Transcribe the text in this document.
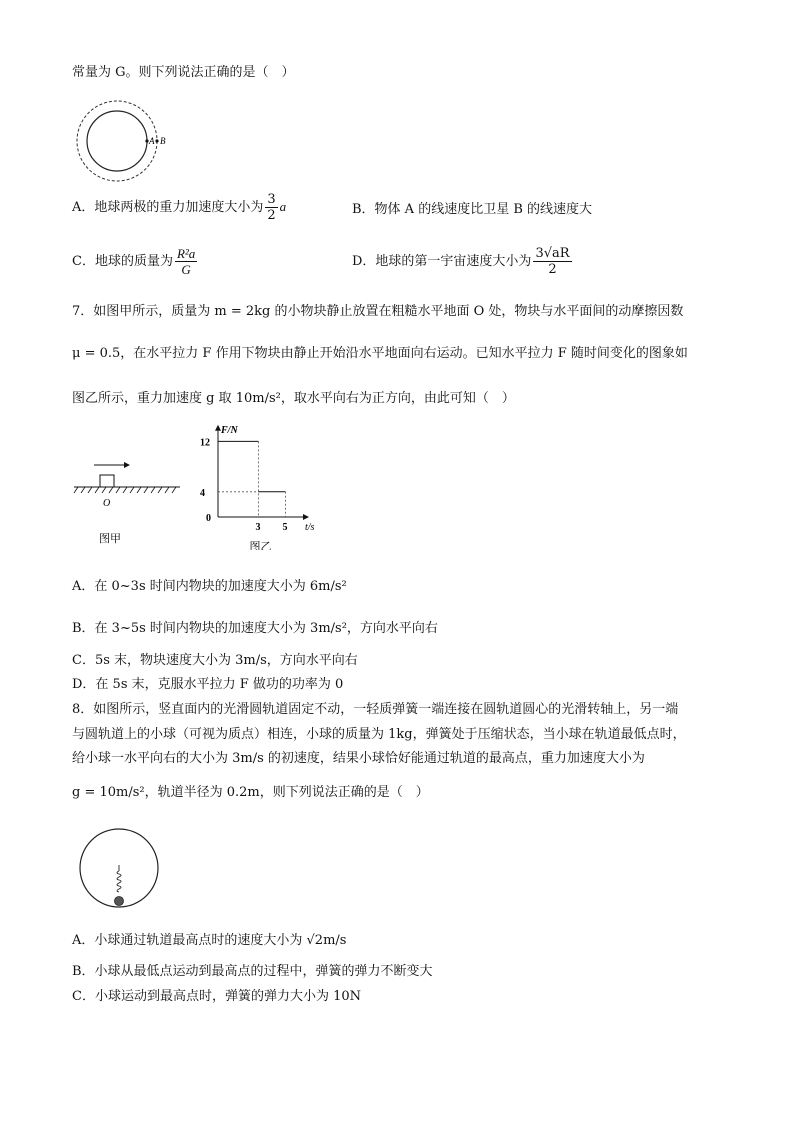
常量为 G。则下列说法正确的是（　）
A B
A．地球两极的重力加速度大小为 $\frac{3}{2}$ a	B．物体 A 的线速度比卫星 B 的线速度大
C．地球的质量为 $\frac{\text{R²a}}{G}$	D．地球的第一宇宙速度大小为 $\frac{3√aR}{2}$
7．如图甲所示，质量为 m = 2kg 的小物块静止放置在粗糙水平地面 O 处，物块与水平面间的动摩擦因数
μ = 0.5，在水平拉力 F 作用下物块由静止开始沿水平地面向右运动。已知水平拉力 F 随时间变化的图象如
图乙所示，重力加速度 g 取 10m/s²，取水平向右为正方向，由此可知（　）
O
图甲
F/N
t/s
0
12
4
3 5
图乙
A．在 0~3s 时间内物块的加速度大小为 6m/s²
B．在 3~5s 时间内物块的加速度大小为 3m/s²，方向水平向右
C．5s 末，物块速度大小为 3m/s，方向水平向右
D．在 5s 末，克服水平拉力 F 做功的功率为 0
8．如图所示，竖直面内的光滑圆轨道固定不动，一轻质弹簧一端连接在圆轨道圆心的光滑转轴上，另一端
与圆轨道上的小球（可视为质点）相连，小球的质量为 1kg，弹簧处于压缩状态，当小球在轨道最低点时，
给小球一水平向右的大小为 3m/s 的初速度，结果小球恰好能通过轨道的最高点，重力加速度大小为
g = 10m/s²，轨道半径为 0.2m，则下列说法正确的是（　）
A．小球通过轨道最高点时的速度大小为 √2m/s
B．小球从最低点运动到最高点的过程中，弹簧的弹力不断变大
C．小球运动到最高点时，弹簧的弹力大小为 10N
